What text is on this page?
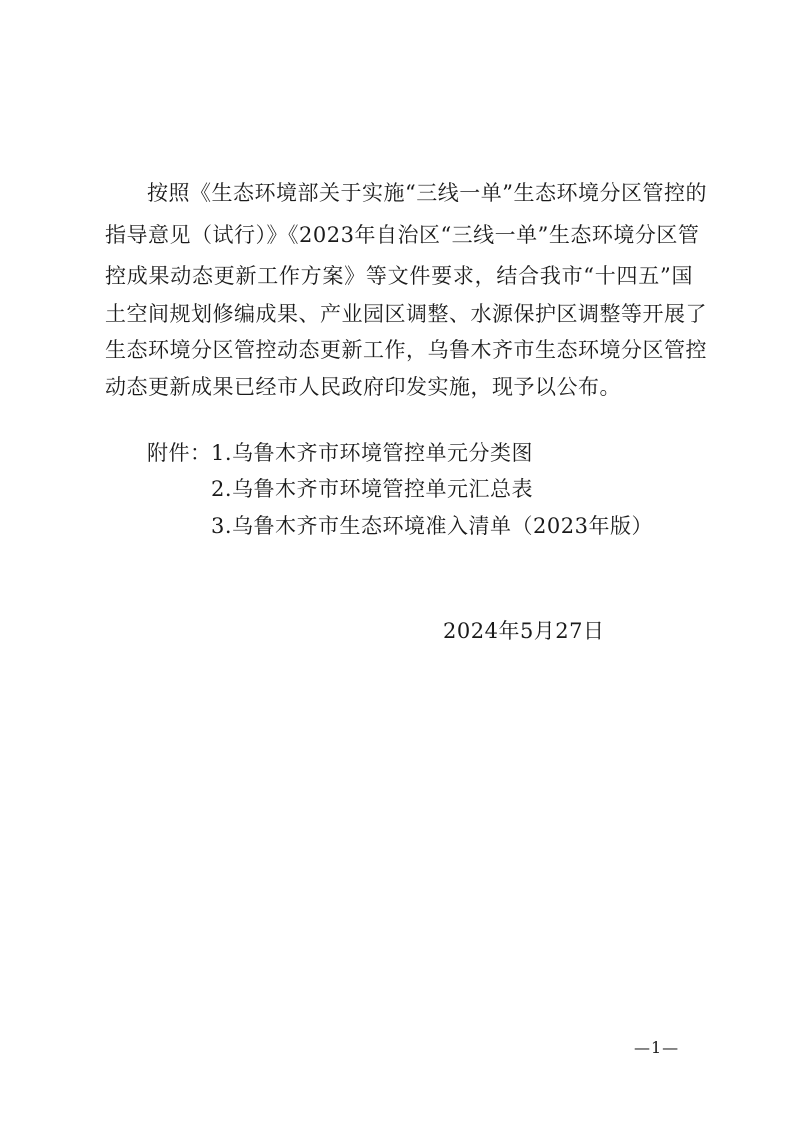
按照《生态环境部关于实施“三线一单”生态环境分区管控的
指导意见（试行）》《2023年自治区“三线一单”生态环境分区管
控成果动态更新工作方案》等文件要求，结合我市“十四五”国
土空间规划修编成果、产业园区调整、水源保护区调整等开展了
生态环境分区管控动态更新工作，乌鲁木齐市生态环境分区管控
动态更新成果已经市人民政府印发实施，现予以公布。
附件： 1.乌鲁木齐市环境管控单元分类图
2.乌鲁木齐市环境管控单元汇总表
3.乌鲁木齐市生态环境准入清单（2023年版）
2024年5月27日
—1—
